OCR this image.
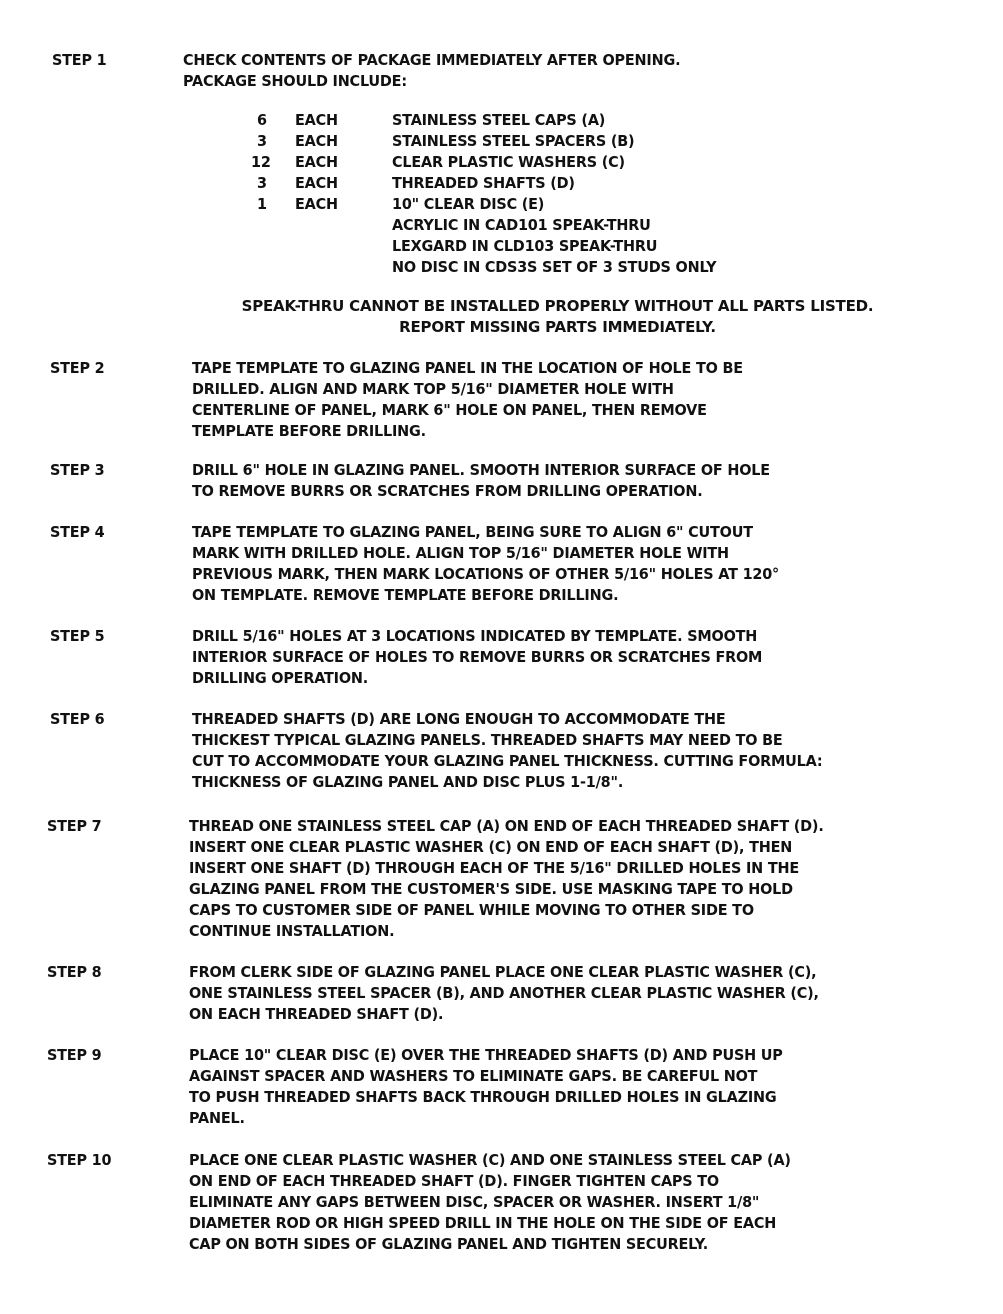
STEP 1	CHECK CONTENTS OF PACKAGE IMMEDIATELY AFTER OPENING.
PACKAGE SHOULD INCLUDE:
6	EACH	STAINLESS STEEL CAPS (A)
3	EACH	STAINLESS STEEL SPACERS (B)
12	EACH	CLEAR PLASTIC WASHERS (C)
3	EACH	THREADED SHAFTS (D)
1	EACH	10" CLEAR DISC (E)
ACRYLIC IN CAD101 SPEAK-THRU
LEXGARD IN CLD103 SPEAK-THRU
NO DISC IN CDS3S SET OF 3 STUDS ONLY
SPEAK-THRU CANNOT BE INSTALLED PROPERLY WITHOUT ALL PARTS LISTED.
REPORT MISSING PARTS IMMEDIATELY.
STEP 2	TAPE TEMPLATE TO GLAZING PANEL IN THE LOCATION OF HOLE TO BE
DRILLED. ALIGN AND MARK TOP 5/16" DIAMETER HOLE WITH
CENTERLINE OF PANEL, MARK 6" HOLE ON PANEL, THEN REMOVE
TEMPLATE BEFORE DRILLING.
STEP 3	DRILL 6" HOLE IN GLAZING PANEL. SMOOTH INTERIOR SURFACE OF HOLE
TO REMOVE BURRS OR SCRATCHES FROM DRILLING OPERATION.
STEP 4	TAPE TEMPLATE TO GLAZING PANEL, BEING SURE TO ALIGN 6" CUTOUT
MARK WITH DRILLED HOLE. ALIGN TOP 5/16" DIAMETER HOLE WITH
PREVIOUS MARK, THEN MARK LOCATIONS OF OTHER 5/16" HOLES AT 120°
ON TEMPLATE. REMOVE TEMPLATE BEFORE DRILLING.
STEP 5	DRILL 5/16" HOLES AT 3 LOCATIONS INDICATED BY TEMPLATE. SMOOTH
INTERIOR SURFACE OF HOLES TO REMOVE BURRS OR SCRATCHES FROM
DRILLING OPERATION.
STEP 6	THREADED SHAFTS (D) ARE LONG ENOUGH TO ACCOMMODATE THE
THICKEST TYPICAL GLAZING PANELS. THREADED SHAFTS MAY NEED TO BE
CUT TO ACCOMMODATE YOUR GLAZING PANEL THICKNESS. CUTTING FORMULA:
THICKNESS OF GLAZING PANEL AND DISC PLUS 1-1/8".
STEP 7	THREAD ONE STAINLESS STEEL CAP (A) ON END OF EACH THREADED SHAFT (D).
INSERT ONE CLEAR PLASTIC WASHER (C) ON END OF EACH SHAFT (D), THEN
INSERT ONE SHAFT (D) THROUGH EACH OF THE 5/16" DRILLED HOLES IN THE
GLAZING PANEL FROM THE CUSTOMER'S SIDE. USE MASKING TAPE TO HOLD
CAPS TO CUSTOMER SIDE OF PANEL WHILE MOVING TO OTHER SIDE TO
CONTINUE INSTALLATION.
STEP 8	FROM CLERK SIDE OF GLAZING PANEL PLACE ONE CLEAR PLASTIC WASHER (C),
ONE STAINLESS STEEL SPACER (B), AND ANOTHER CLEAR PLASTIC WASHER (C),
ON EACH THREADED SHAFT (D).
STEP 9	PLACE 10" CLEAR DISC (E) OVER THE THREADED SHAFTS (D) AND PUSH UP
AGAINST SPACER AND WASHERS TO ELIMINATE GAPS. BE CAREFUL NOT
TO PUSH THREADED SHAFTS BACK THROUGH DRILLED HOLES IN GLAZING
PANEL.
STEP 10	PLACE ONE CLEAR PLASTIC WASHER (C) AND ONE STAINLESS STEEL CAP (A)
ON END OF EACH THREADED SHAFT (D). FINGER TIGHTEN CAPS TO
ELIMINATE ANY GAPS BETWEEN DISC, SPACER OR WASHER. INSERT 1/8"
DIAMETER ROD OR HIGH SPEED DRILL IN THE HOLE ON THE SIDE OF EACH
CAP ON BOTH SIDES OF GLAZING PANEL AND TIGHTEN SECURELY.
